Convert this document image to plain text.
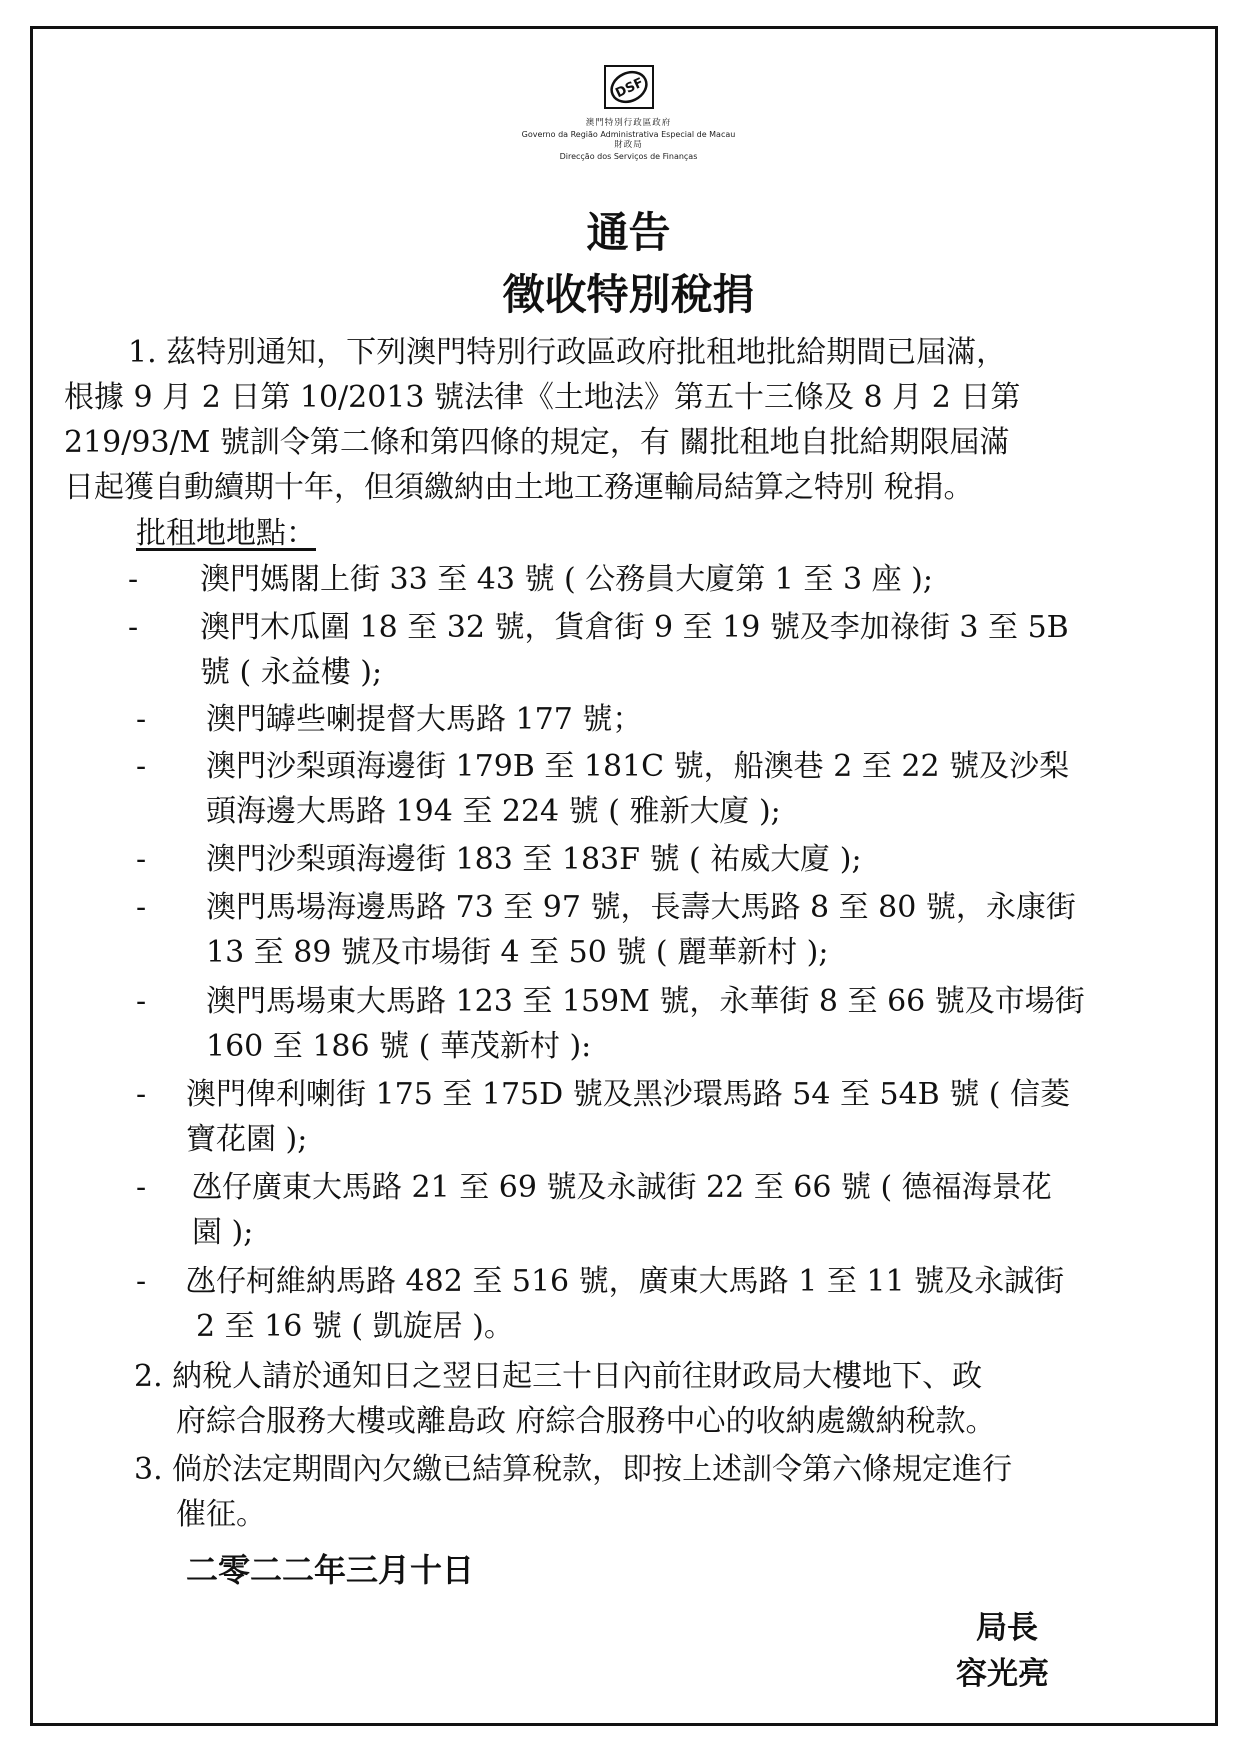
DSF
澳門特別行政區政府
Governo da Região Administrativa Especial de Macau
財政局
Direcção dos Serviços de Finanças
通告
徵收特別稅捐
1. 茲特別通知，下列澳門特別行政區政府批租地批給期間已屆滿，
根據 9 月 2 日第 10/2013 號法律《土地法》第五十三條及 8 月 2 日第
219/93/M 號訓令第二條和第四條的規定，有 關批租地自批給期限屆滿
日起獲自動續期十年，但須繳納由土地工務運輸局結算之特別 稅捐。
批租地地點：
- 澳門媽閣上街 33 至 43 號 ( 公務員大廈第 1 至 3 座 );
- 澳門木瓜圍 18 至 32 號，貨倉街 9 至 19 號及李加祿街 3 至 5B
號 ( 永益樓 );
- 澳門罅些喇提督大馬路 177 號；
- 澳門沙梨頭海邊街 179B 至 181C 號，船澳巷 2 至 22 號及沙梨
頭海邊大馬路 194 至 224 號 ( 雅新大廈 );
- 澳門沙梨頭海邊街 183 至 183F 號 ( 祐威大廈 );
- 澳門馬場海邊馬路 73 至 97 號，長壽大馬路 8 至 80 號，永康街
13 至 89 號及市場街 4 至 50 號 ( 麗華新村 );
- 澳門馬場東大馬路 123 至 159M 號，永華街 8 至 66 號及市場街
160 至 186 號 ( 華茂新村 ):
- 澳門俾利喇街 175 至 175D 號及黑沙環馬路 54 至 54B 號 ( 信菱
寶花園 );
- 氹仔廣東大馬路 21 至 69 號及永誠街 22 至 66 號 ( 德福海景花
園 );
- 氹仔柯維納馬路 482 至 516 號，廣東大馬路 1 至 11 號及永誠街
2 至 16 號 ( 凱旋居 )。
2. 納稅人請於通知日之翌日起三十日內前往財政局大樓地下、政
府綜合服務大樓或離島政 府綜合服務中心的收納處繳納稅款。
3. 倘於法定期間內欠繳已結算稅款，即按上述訓令第六條規定進行
催征。
二零二二年三月十日
局長
容光亮
